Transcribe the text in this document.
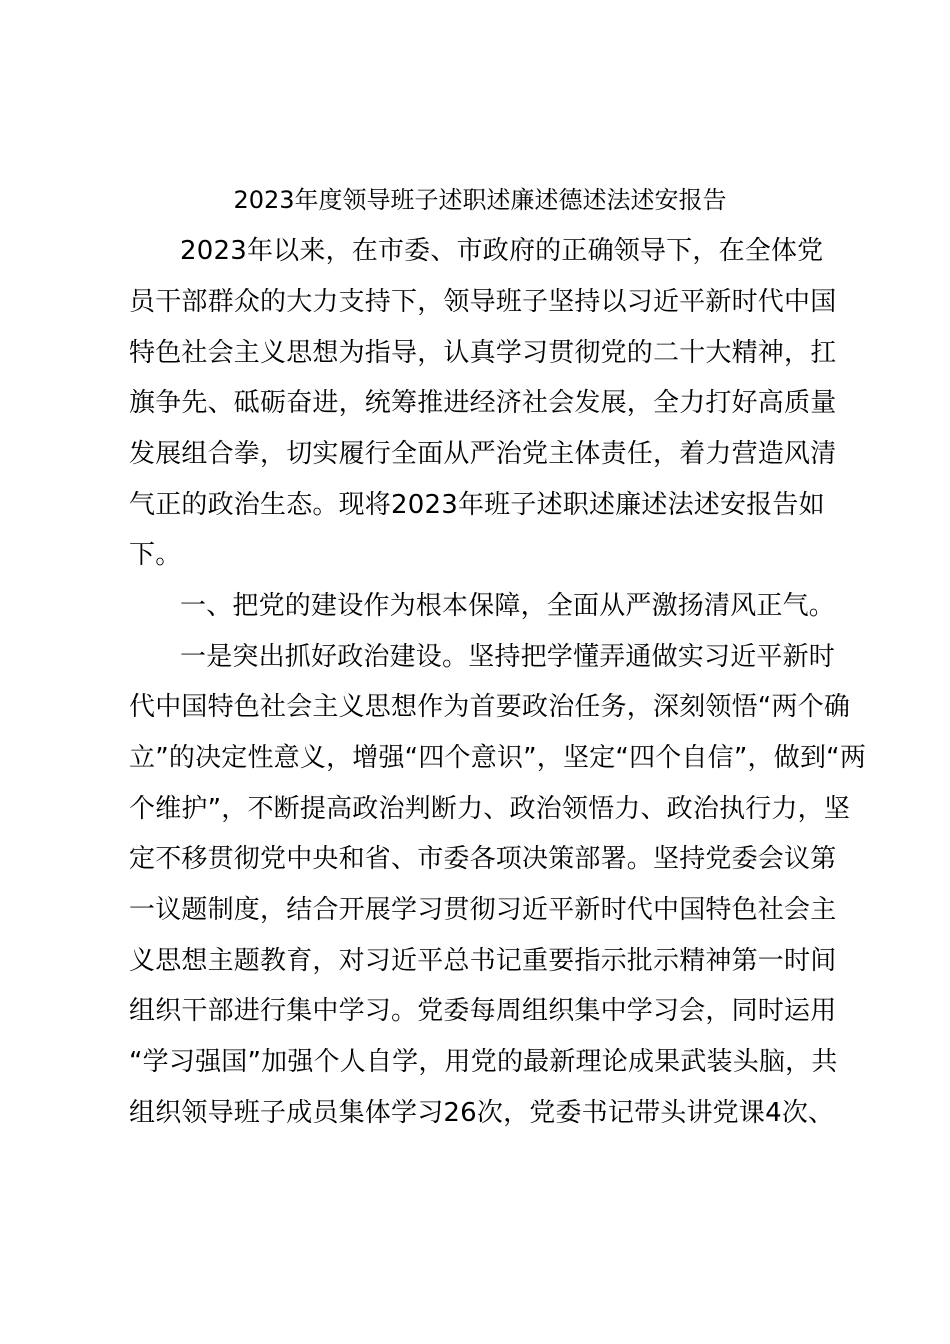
2023年度领导班子述职述廉述德述法述安报告
2023年以来，在市委、市政府的正确领导下，在全体党
员干部群众的大力支持下，领导班子坚持以习近平新时代中国
特色社会主义思想为指导，认真学习贯彻党的二十大精神，扛
旗争先、砥砺奋进，统筹推进经济社会发展，全力打好高质量
发展组合拳，切实履行全面从严治党主体责任，着力营造风清
气正的政治生态。现将2023年班子述职述廉述法述安报告如
下。
一、把党的建设作为根本保障，全面从严激扬清风正气。
一是突出抓好政治建设。坚持把学懂弄通做实习近平新时
代中国特色社会主义思想作为首要政治任务，深刻领悟“两个确
立”的决定性意义，增强“四个意识”，坚定“四个自信”，做到“两
个维护”，不断提高政治判断力、政治领悟力、政治执行力，坚
定不移贯彻党中央和省、市委各项决策部署。坚持党委会议第
一议题制度，结合开展学习贯彻习近平新时代中国特色社会主
义思想主题教育，对习近平总书记重要指示批示精神第一时间
组织干部进行集中学习。党委每周组织集中学习会，同时运用
“学习强国”加强个人自学，用党的最新理论成果武装头脑，共
组织领导班子成员集体学习26次，党委书记带头讲党课4次、
